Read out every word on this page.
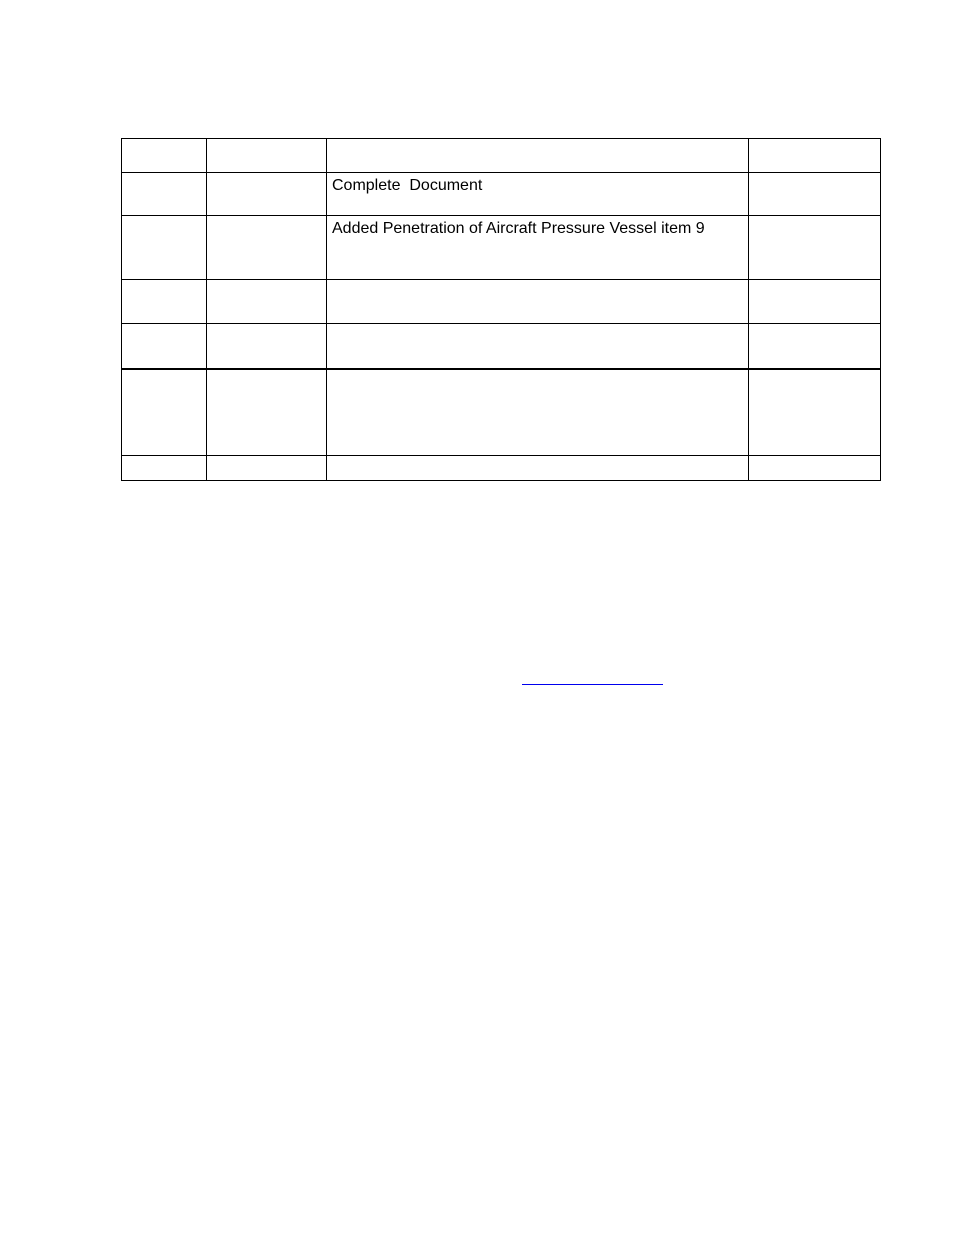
		Complete  Document	
		Added Penetration of Aircraft Pressure Vessel item 9	
